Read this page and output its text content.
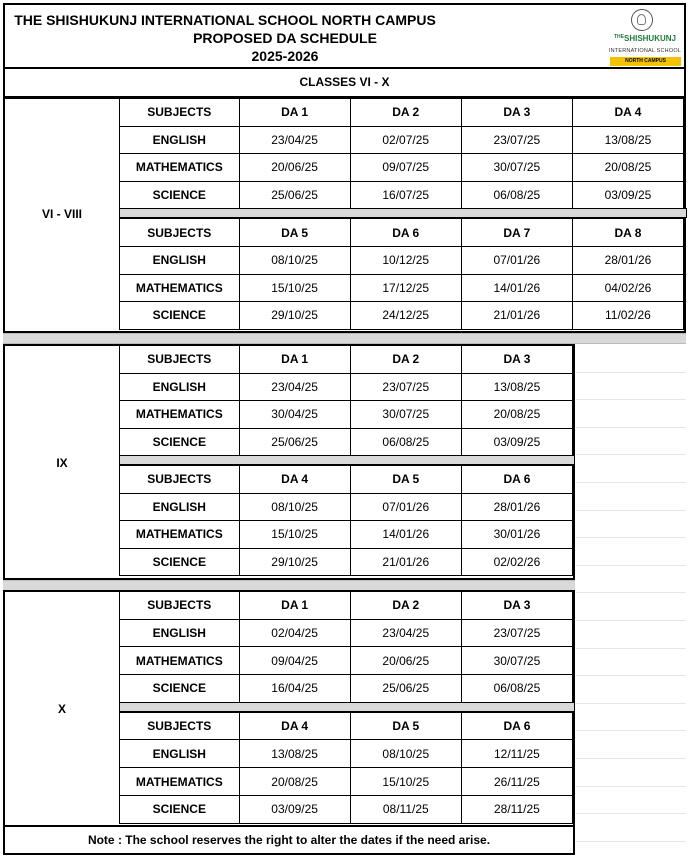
THE SHISHUKUNJ INTERNATIONAL SCHOOL NORTH CAMPUS
PROPOSED DA SCHEDULE
2025-2026
$^{THE}$SHISHUKUNJ
INTERNATIONAL SCHOOL
NORTH CAMPUS
CLASSES VI - X
VI - VIII
SUBJECTS	DA 1	DA 2	DA 3	DA 4
ENGLISH	23/04/25	02/07/25	23/07/25	13/08/25
MATHEMATICS	20/06/25	09/07/25	30/07/25	20/08/25
SCIENCE	25/06/25	16/07/25	06/08/25	03/09/25
SUBJECTS	DA 5	DA 6	DA 7	DA 8
ENGLISH	08/10/25	10/12/25	07/01/26	28/01/26
MATHEMATICS	15/10/25	17/12/25	14/01/26	04/02/26
SCIENCE	29/10/25	24/12/25	21/01/26	11/02/26
IX
SUBJECTS	DA 1	DA 2	DA 3
ENGLISH	23/04/25	23/07/25	13/08/25
MATHEMATICS	30/04/25	30/07/25	20/08/25
SCIENCE	25/06/25	06/08/25	03/09/25
SUBJECTS	DA 4	DA 5	DA 6
ENGLISH	08/10/25	07/01/26	28/01/26
MATHEMATICS	15/10/25	14/01/26	30/01/26
SCIENCE	29/10/25	21/01/26	02/02/26
X
SUBJECTS	DA 1	DA 2	DA 3
ENGLISH	02/04/25	23/04/25	23/07/25
MATHEMATICS	09/04/25	20/06/25	30/07/25
SCIENCE	16/04/25	25/06/25	06/08/25
SUBJECTS	DA 4	DA 5	DA 6
ENGLISH	13/08/25	08/10/25	12/11/25
MATHEMATICS	20/08/25	15/10/25	26/11/25
SCIENCE	03/09/25	08/11/25	28/11/25
Note : The school reserves the right to alter the dates if the need arise.
